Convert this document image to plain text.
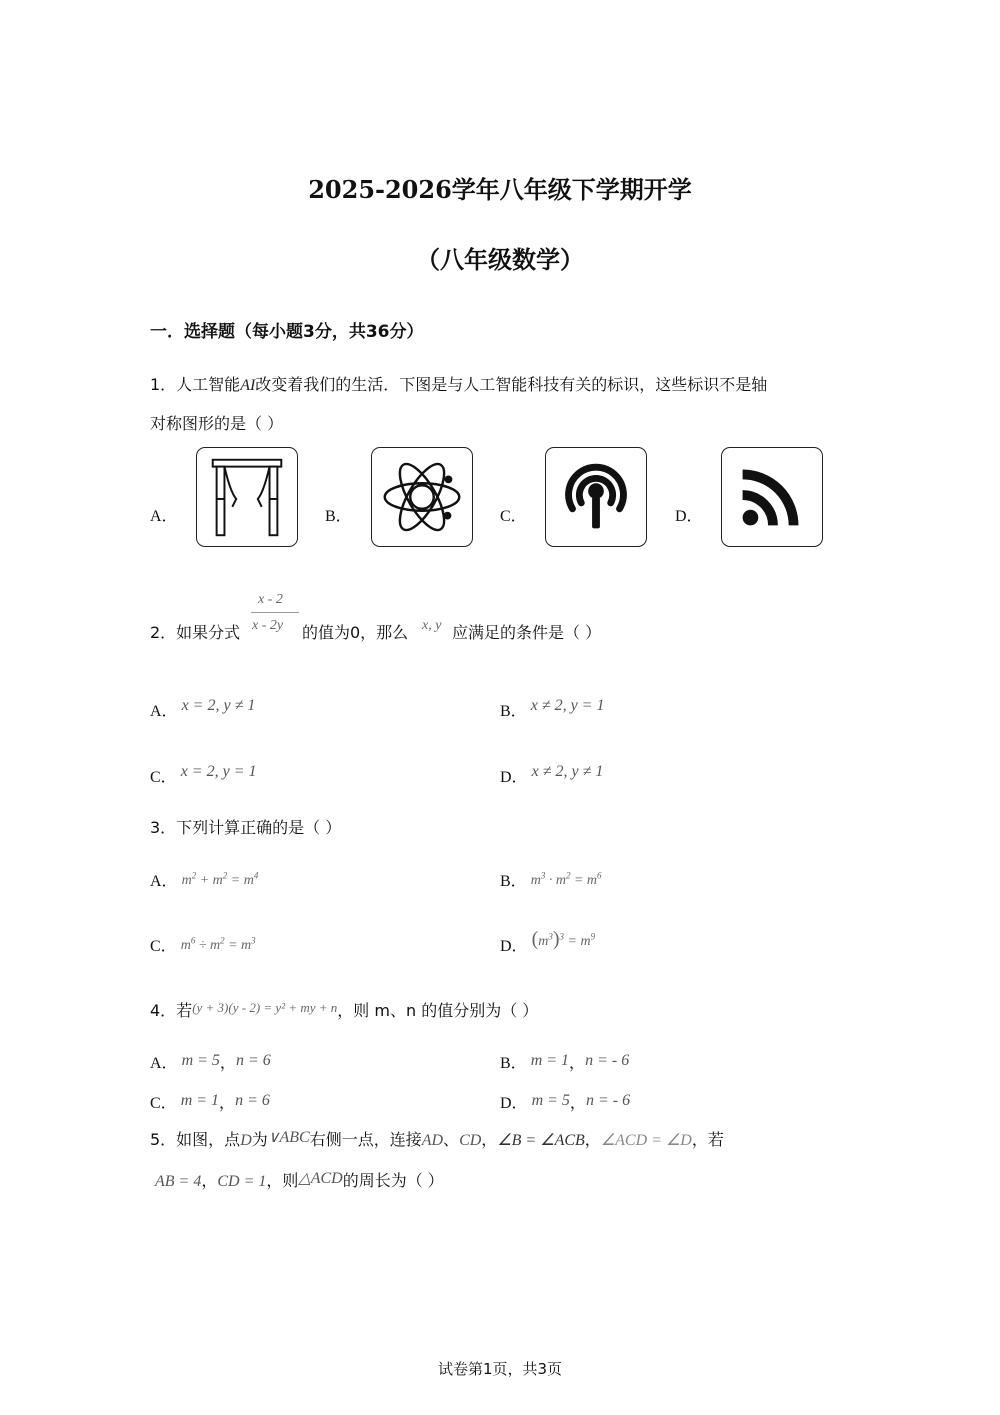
2025-2026学年八年级下学期开学
（八年级数学）
一．选择题（每小题3分，共36分）
1．人工智能AI改变着我们的生活．下图是与人工智能科技有关的标识，这些标识不是轴
对称图形的是（ ）
A．	B．	C．	D．
2．如果分式
x - 2
x - 2y 的值为0，那么 x, y 应满足的条件是（ ）
A． x = 2, y ≠ 1	B． x ≠ 2, y = 1
C． x = 2, y = 1	D． x ≠ 2, y ≠ 1
3．下列计算正确的是（ ）
A． $m^2 + m^2 = m^4$	B． $m^3 \cdot m^2 = m^6$
C． $m^6 \div m^2 = m^3$	D． $(m^3)^3 = m^9$
4．若$^{(y + 3)(y - 2) = y^2 + my + n}$，则 m、n 的值分别为（ ）
A． m = 5，n = 6	B． m = 1，n = - 6
C． m = 1，n = 6	D． m = 5，n = - 6
5．如图，点D为∨ABC右侧一点，连接AD、CD，∠B = ∠ACB，∠ACD = ∠D，若
AB = 4，CD = 1，则△ACD的周长为（ ）
试卷第1页，共3页
